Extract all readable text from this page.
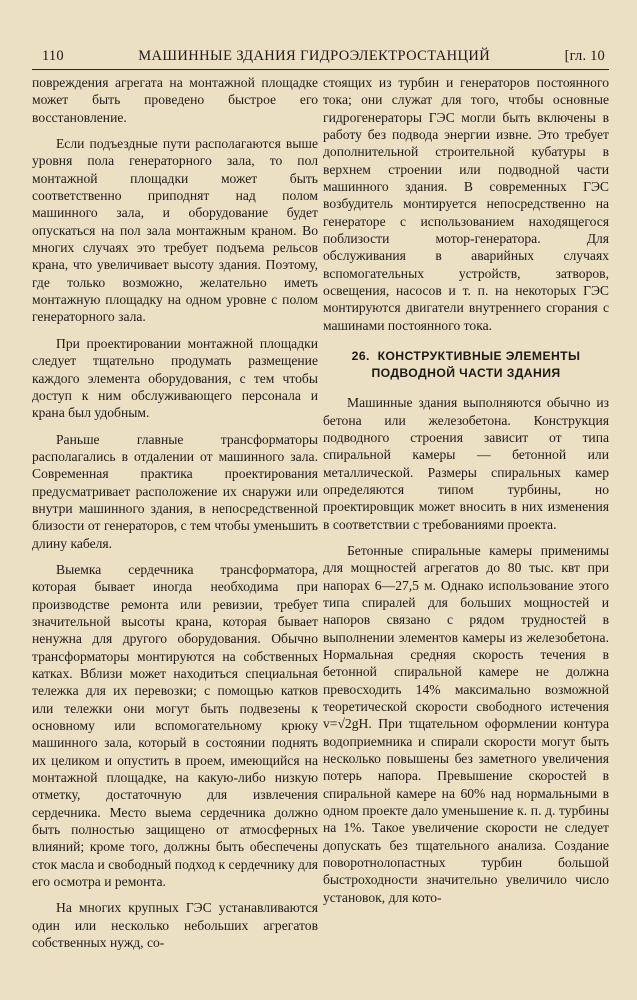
110	МАШИННЫЕ ЗДАНИЯ ГИДРОЭЛЕКТРОСТАНЦИЙ	[гл. 10

повреждения агрегата на монтажной площадке может быть проведено быстрое его восстановление.

Если подъездные пути располагаются выше уровня пола генераторного зала, то пол монтажной площадки может быть соответственно приподнят над полом машинного зала, и оборудование будет опускаться на пол зала монтажным краном. Во многих случаях это требует подъема рельсов крана, что увеличивает высоту здания. Поэтому, где только возможно, желательно иметь монтажную площадку на одном уровне с полом генераторного зала.

При проектировании монтажной площадки следует тщательно продумать размещение каждого элемента оборудования, с тем чтобы доступ к ним обслуживающего персонала и крана был удобным.

Раньше главные трансформаторы располагались в отдалении от машинного зала. Современная практика проектирования предусматривает расположение их снаружи или внутри машинного здания, в непосредственной близости от генераторов, с тем чтобы уменьшить длину кабеля.

Выемка сердечника трансформатора, которая бывает иногда необходима при производстве ремонта или ревизии, требует значительной высоты крана, которая бывает ненужна для другого оборудования. Обычно трансформаторы монтируются на собственных катках. Вблизи может находиться специальная тележка для их перевозки; с помощью катков или тележки они могут быть подвезены к основному или вспомогательному крюку машинного зала, который в состоянии поднять их целиком и опустить в проем, имеющийся на монтажной площадке, на какую-либо низкую отметку, достаточную для извлечения сердечника. Место выема сердечника должно быть полностью защищено от атмосферных влияний; кроме того, должны быть обеспечены сток масла и свободный подход к сердечнику для его осмотра и ремонта.

На многих крупных ГЭС устанавливаются один или несколько небольших агрегатов собственных нужд, со-

стоящих из турбин и генераторов постоянного тока; они служат для того, чтобы основные гидрогенераторы ГЭС могли быть включены в работу без подвода энергии извне. Это требует дополнительной строительной кубатуры в верхнем строении или подводной части машинного здания. В современных ГЭС возбудитель монтируется непосредственно на генераторе с использованием находящегося поблизости мотор-генератора. Для обслуживания в аварийных случаях вспомогательных устройств, затворов, освещения, насосов и т. п. на некоторых ГЭС монтируются двигатели внутреннего сгорания с машинами постоянного тока.

26. КОНСТРУКТИВНЫЕ ЭЛЕМЕНТЫ ПОДВОДНОЙ ЧАСТИ ЗДАНИЯ

Машинные здания выполняются обычно из бетона или железобетона. Конструкция подводного строения зависит от типа спиральной камеры — бетонной или металлической. Размеры спиральных камер определяются типом турбины, но проектировщик может вносить в них изменения в соответствии с требованиями проекта.

Бетонные спиральные камеры применимы для мощностей агрегатов до 80 тыс. квт при напорах 6—27,5 м. Однако использование этого типа спиралей для больших мощностей и напоров связано с рядом трудностей в выполнении элементов камеры из железобетона. Нормальная средняя скорость течения в бетонной спиральной камере не должна превосходить 14% максимально возможной теоретической скорости свободного истечения v=√2gH. При тщательном оформлении контура водоприемника и спирали скорости могут быть несколько повышены без заметного увеличения потерь напора. Превышение скоростей в спиральной камере на 60% над нормальными в одном проекте дало уменьшение к. п. д. турбины на 1%. Такое увеличение скорости не следует допускать без тщательного анализа. Создание поворотнолопастных турбин большой быстроходности значительно увеличило число установок, для кото-
